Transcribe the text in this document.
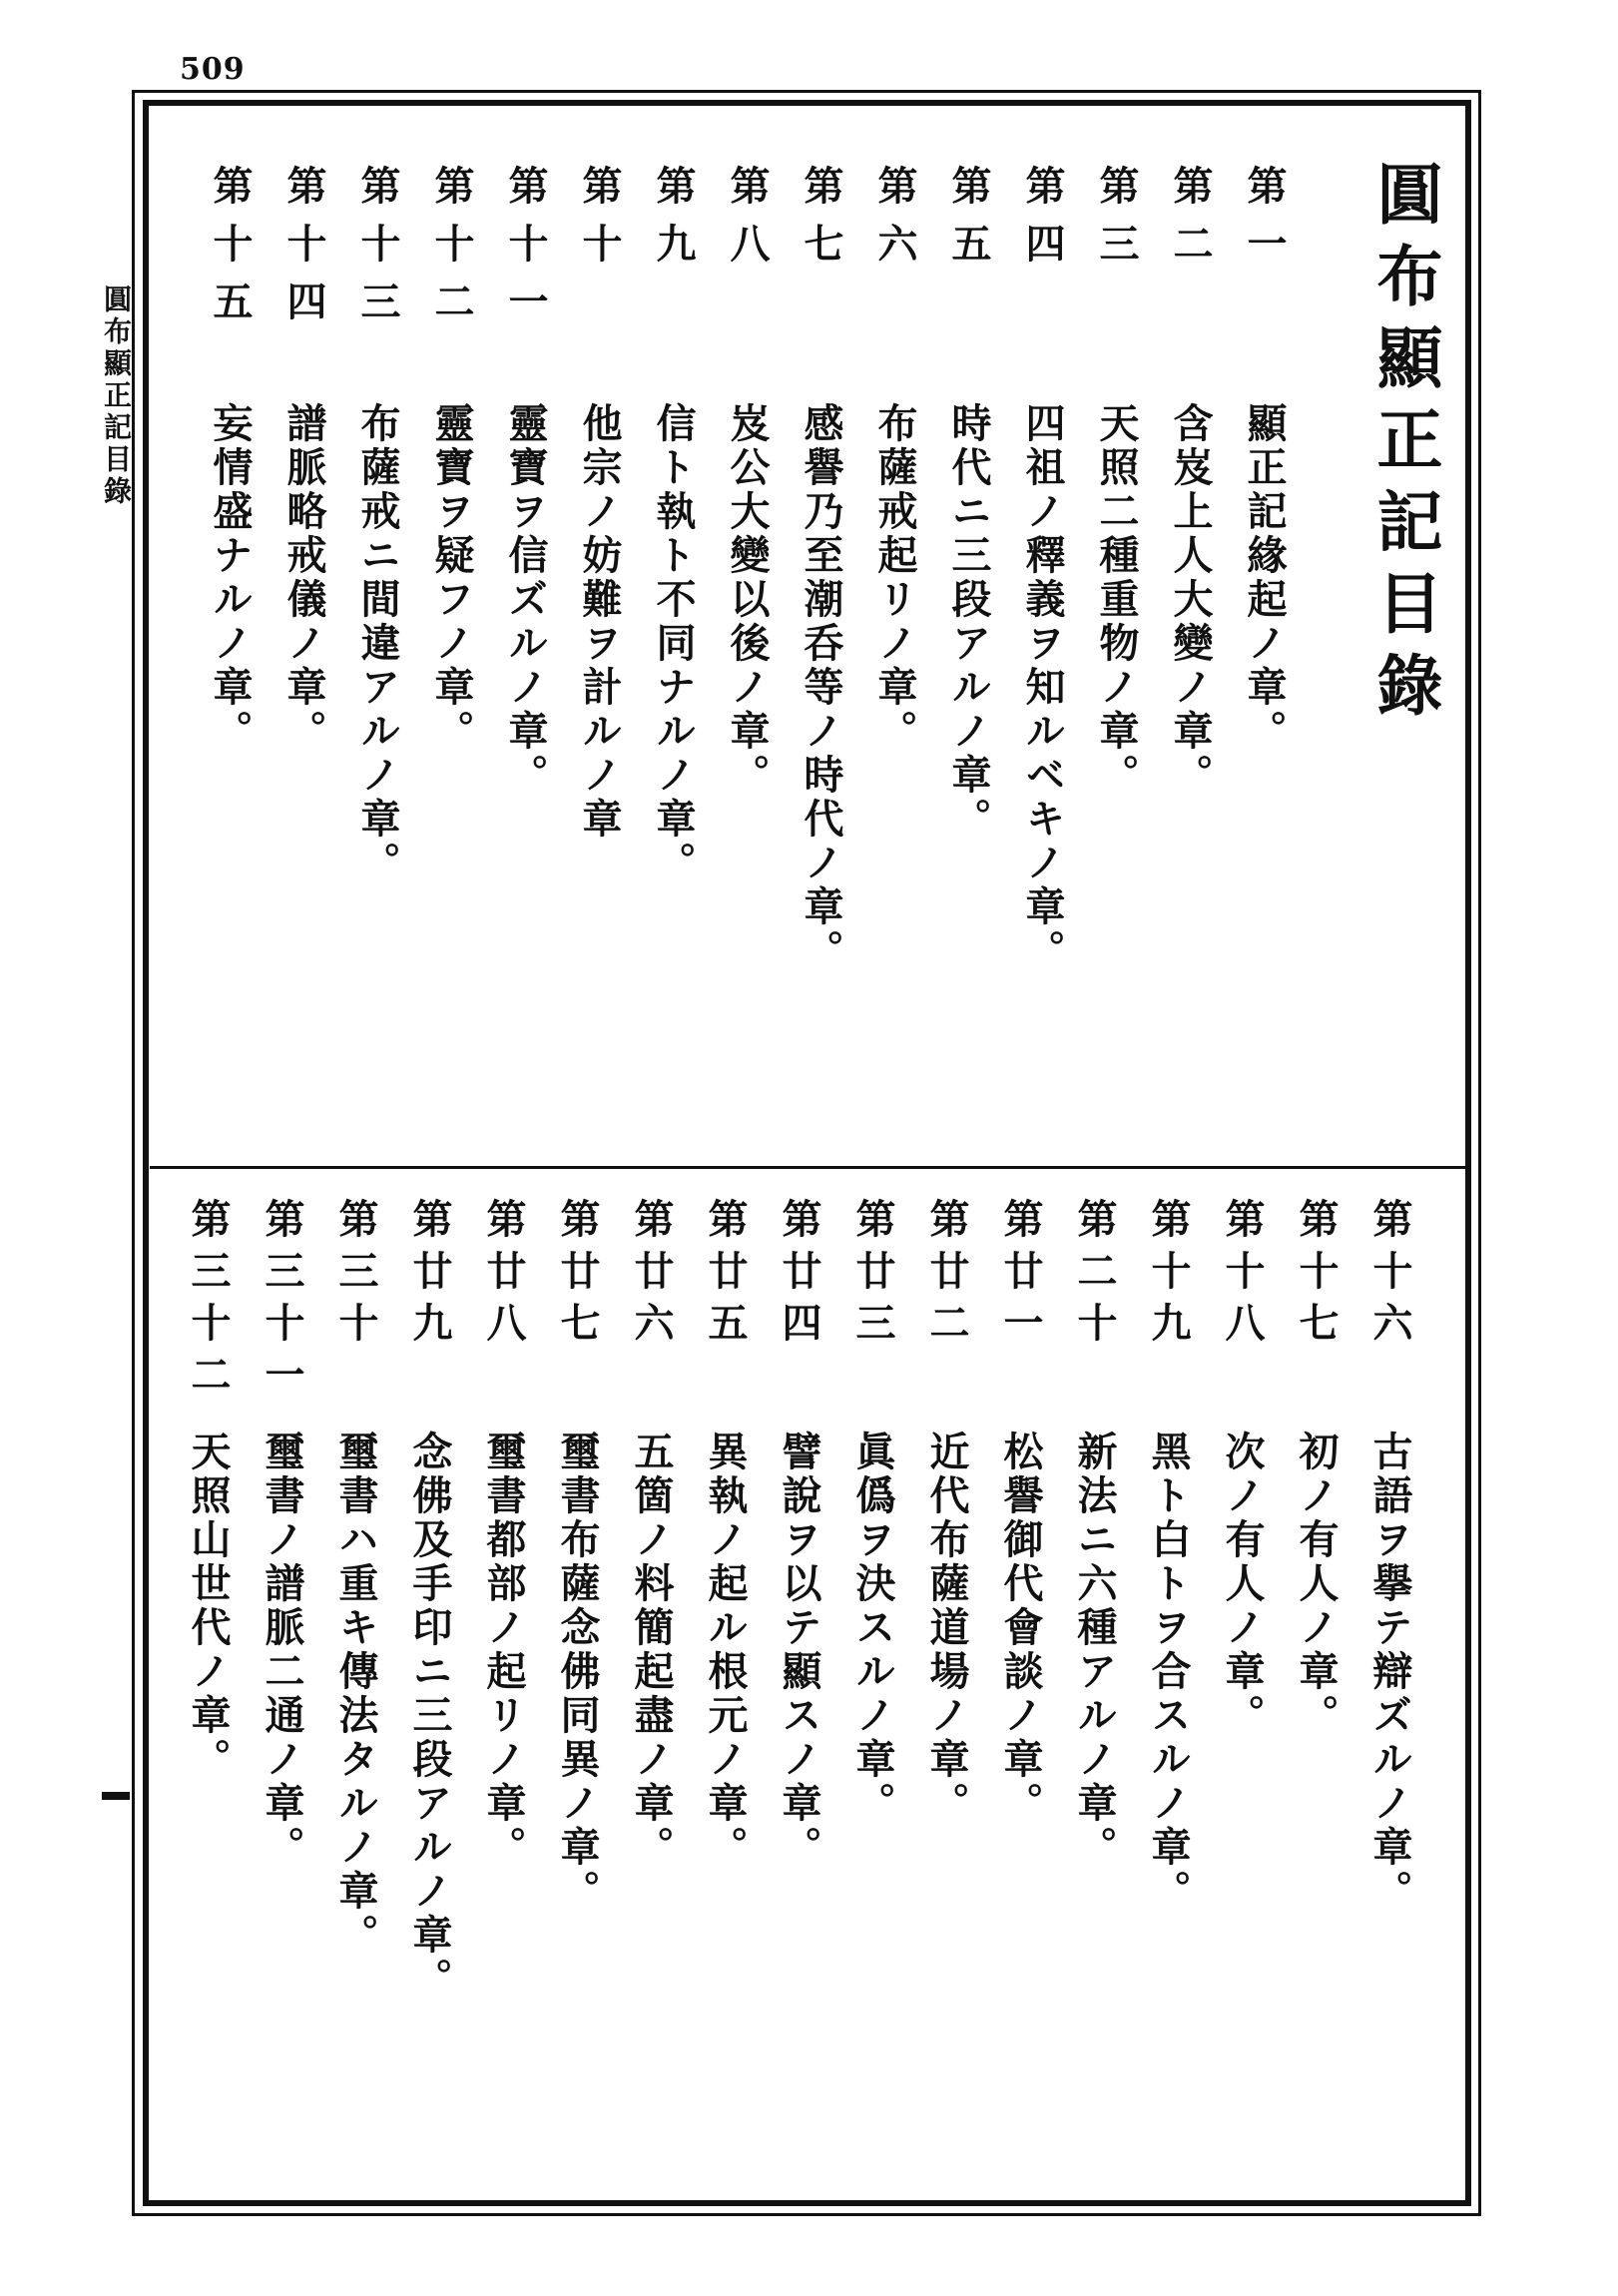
509
圓布顯正記目錄	圓布顯正記目錄
第一顯正記緣起ノ章。
第二含岌上人大變ノ章。
第三天照二種重物ノ章。
第四四祖ノ釋義ヲ知ルベキノ章。
第五時代ニ三段アルノ章。
第六布薩戒起リノ章。
第七感譽乃至潮呑等ノ時代ノ章。
第八岌公大變以後ノ章。
第九信ト執ト不同ナルノ章。
第十他宗ノ妨難ヲ計ルノ章
第十一靈寶ヲ信ズルノ章。
第十二靈寶ヲ疑フノ章。
第十三布薩戒ニ間違アルノ章。
第十四譜脈略戒儀ノ章。
第十五妄情盛ナルノ章。
第十六古語ヲ擧テ辯ズルノ章。
第十七初ノ有人ノ章。
第十八次ノ有人ノ章。
第十九黑ト白トヲ合スルノ章。
第二十新法ニ六種アルノ章。
第廿一松譽御代會談ノ章。
第廿二近代布薩道場ノ章。
第廿三眞僞ヲ決スルノ章。
第廿四譬說ヲ以テ顯スノ章。
第廿五異執ノ起ル根元ノ章。
第廿六五箇ノ料簡起盡ノ章。
第廿七璽書布薩念佛同異ノ章。
第廿八璽書都部ノ起リノ章。
第廿九念佛及手印ニ三段アルノ章。
第三十璽書ハ重キ傳法タルノ章。
第三十一璽書ノ譜脈二通ノ章。
第三十二天照山世代ノ章。
